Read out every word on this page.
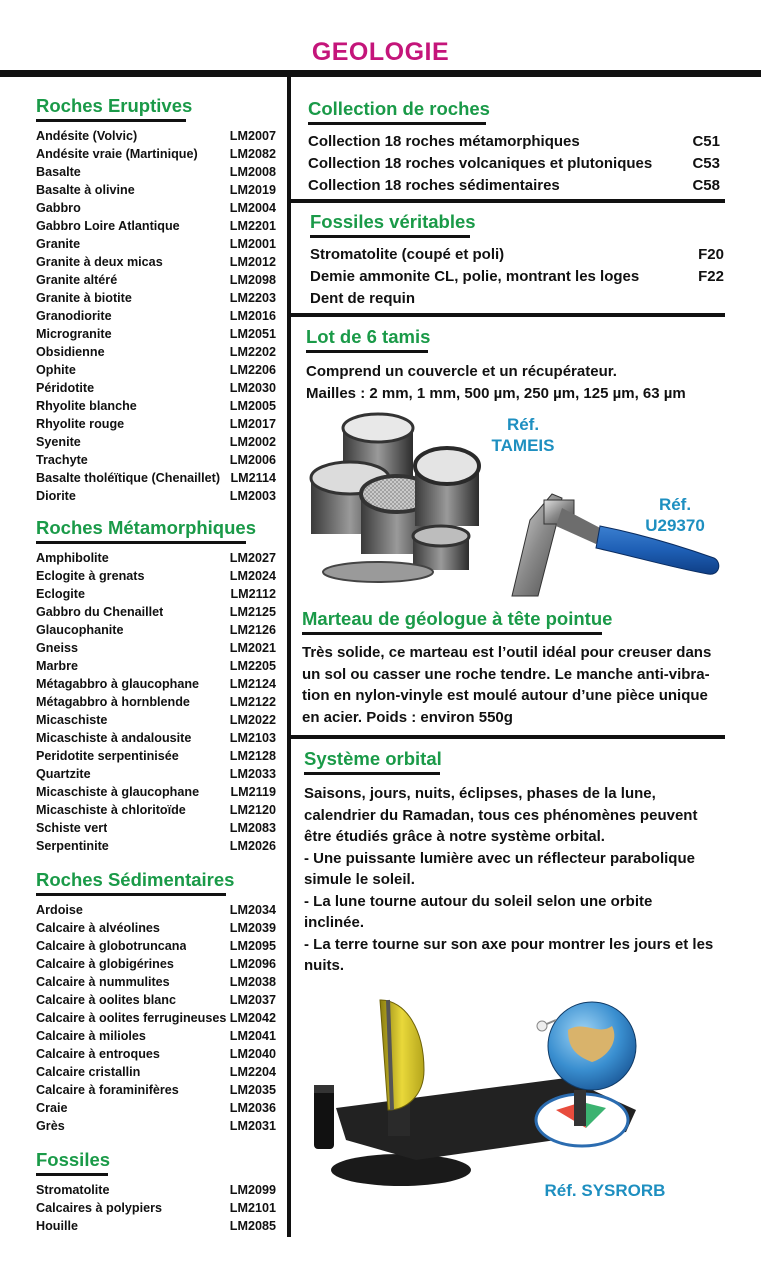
GEOLOGIE
Roches Eruptives
Andésite (Volvic)	LM2007
Andésite vraie (Martinique)	LM2082
Basalte	LM2008
Basalte à olivine	LM2019
Gabbro	LM2004
Gabbro Loire Atlantique	LM2201
Granite	LM2001
Granite à deux micas	LM2012
Granite altéré	LM2098
Granite à biotite	LM2203
Granodiorite	LM2016
Microgranite	LM2051
Obsidienne	LM2202
Ophite	LM2206
Péridotite	LM2030
Rhyolite blanche	LM2005
Rhyolite rouge	LM2017
Syenite	LM2002
Trachyte	LM2006
Basalte tholéïtique (Chenaillet) LM2114
Diorite	LM2003
Roches Métamorphiques
Amphibolite	LM2027
Eclogite à grenats	LM2024
Eclogite	LM2112
Gabbro du Chenaillet	LM2125
Glaucophanite	LM2126
Gneiss	LM2021
Marbre	LM2205
Métagabbro à glaucophane LM2124
Métagabbro à hornblende	LM2122
Micaschiste	LM2022
Micaschiste à andalousite	LM2103
Peridotite serpentinisée	LM2128
Quartzite	LM2033
Micaschiste à glaucophane LM2119
Micaschiste à chloritoïde	LM2120
Schiste vert	LM2083
Serpentinite	LM2026
Roches Sédimentaires
Ardoise	LM2034
Calcaire à alvéolines	LM2039
Calcaire à globotruncana	LM2095
Calcaire à globigérines	LM2096
Calcaire à nummulites	LM2038
Calcaire à oolites blanc	LM2037
Calcaire à oolites ferrugineuses LM2042
Calcaire à milioles	LM2041
Calcaire à entroques	LM2040
Calcaire cristallin	LM2204
Calcaire à foraminifères	LM2035
Craie	LM2036
Grès	LM2031
Fossiles
Stromatolite	LM2099
Calcaires à polypiers	LM2101
Houille	LM2085
Collection de roches
Collection 18 roches métamorphiques	C51
Collection 18 roches volcaniques et plutoniques	C53
Collection 18 roches sédimentaires	C58
Fossiles véritables
Stromatolite (coupé et poli)	F20
Demie ammonite CL, polie, montrant les loges	F22
Dent de requin
Lot de 6 tamis
Comprend un couvercle et un récupérateur.
Mailles : 2 mm, 1 mm, 500 µm, 250 µm, 125 µm, 63 µm
Réf.
TAMEIS
Réf.
U29370
Marteau de géologue à tête pointue
Très solide, ce marteau est l’outil idéal pour creuser dans
un sol ou casser une roche tendre. Le manche anti-vibra-
tion en nylon-vinyle est moulé autour d’une pièce unique
en acier. Poids : environ 550g
Système orbital
Saisons, jours, nuits, éclipses, phases de la lune,
calendrier du Ramadan, tous ces phénomènes peuvent
être étudiés grâce à notre système orbital.
- Une puissante lumière avec un réflecteur parabolique
simule le soleil.
- La lune tourne autour du soleil selon une orbite
inclinée.
- La terre tourne sur son axe pour montrer les jours et les
nuits.
Réf. SYSRORB
